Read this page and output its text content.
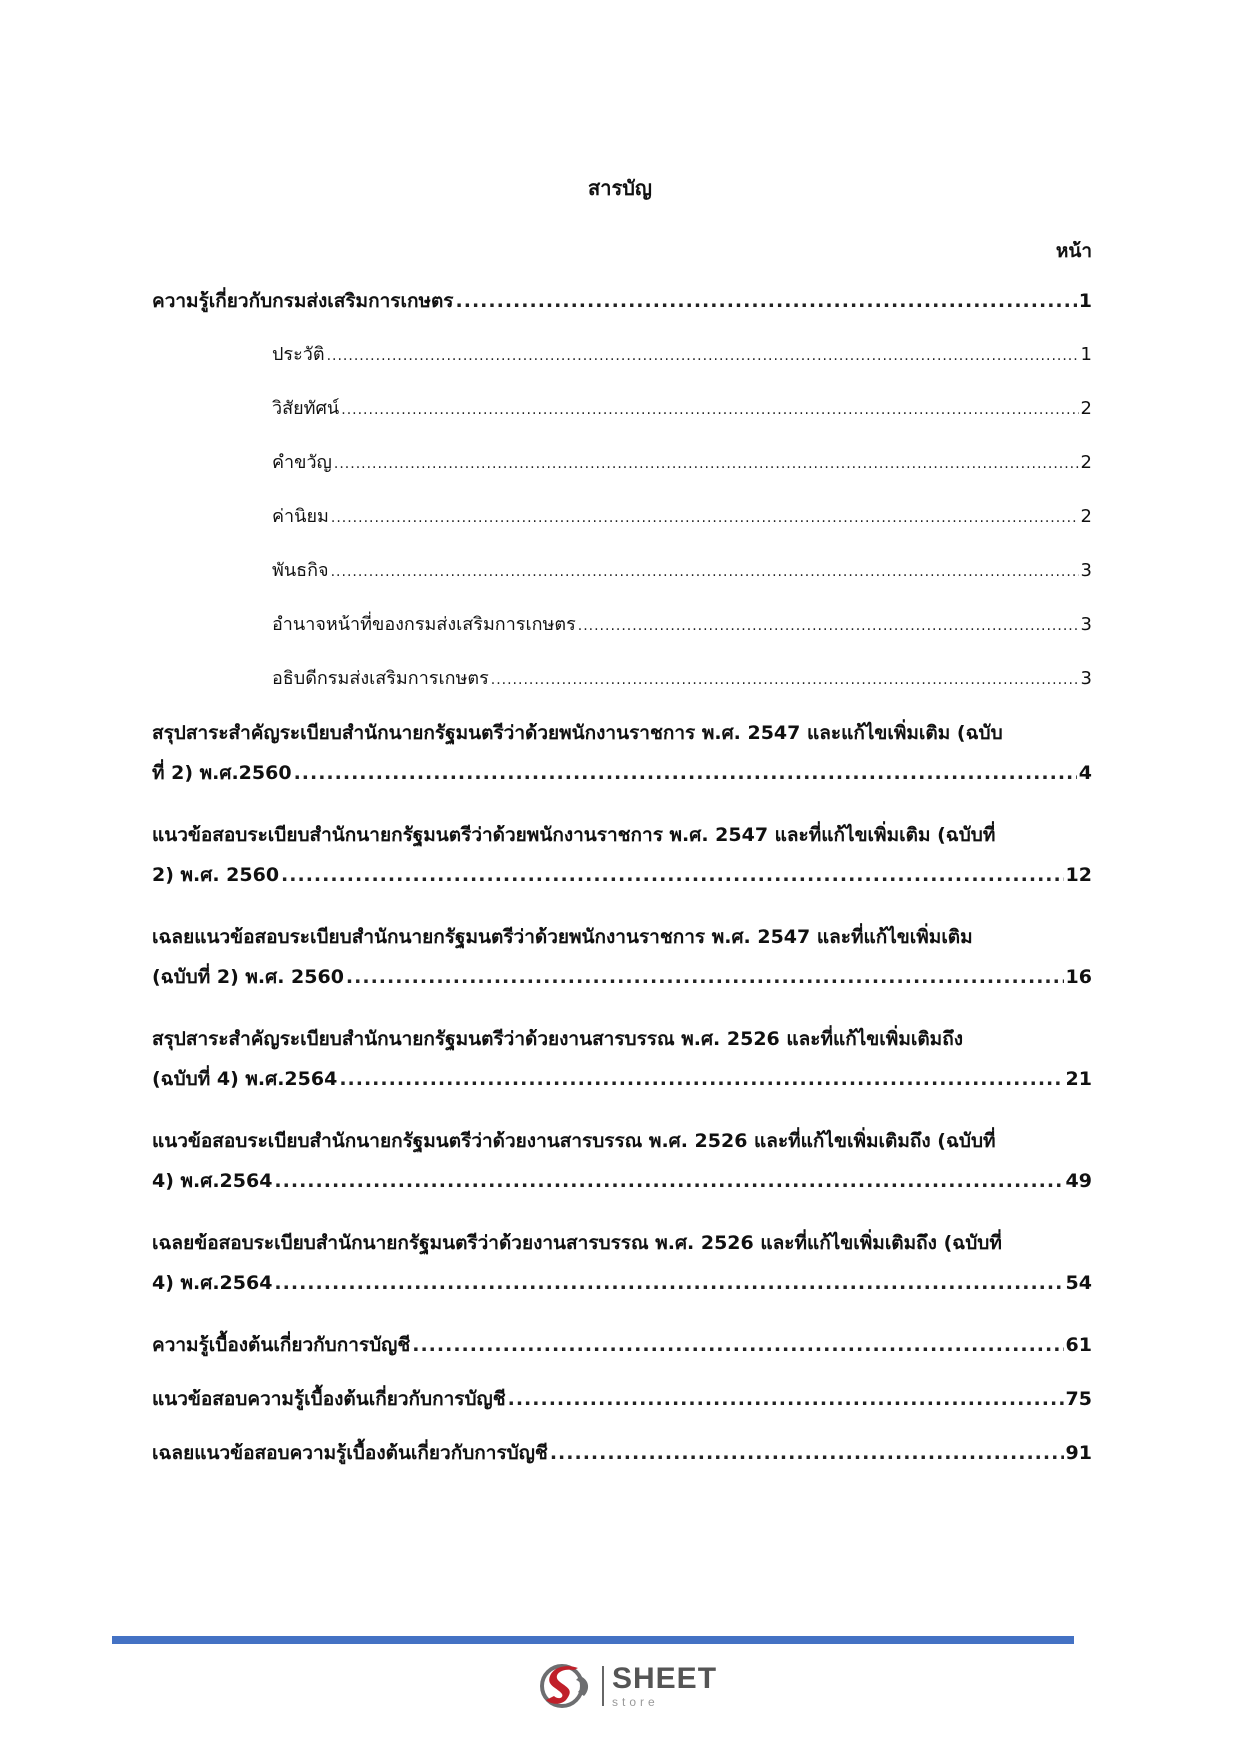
สารบัญ
หน้า
ความรู้เกี่ยวกับกรมส่งเสริมการเกษตร .....	1
ประวัติ .....	1
วิสัยทัศน์ .....	2
คำขวัญ .....	2
ค่านิยม .....	2
พันธกิจ .....	3
อำนาจหน้าที่ของกรมส่งเสริมการเกษตร .....	3
อธิบดีกรมส่งเสริมการเกษตร .....	3
สรุปสาระสำคัญระเบียบสำนักนายกรัฐมนตรีว่าด้วยพนักงานราชการ พ.ศ. 2547 และแก้ไขเพิ่มเติม (ฉบับ
ที่ 2) พ.ศ.2560 .....	4
แนวข้อสอบระเบียบสำนักนายกรัฐมนตรีว่าด้วยพนักงานราชการ พ.ศ. 2547 และที่แก้ไขเพิ่มเติม (ฉบับที่
2) พ.ศ. 2560 .....	12
เฉลยแนวข้อสอบระเบียบสำนักนายกรัฐมนตรีว่าด้วยพนักงานราชการ พ.ศ. 2547 และที่แก้ไขเพิ่มเติม
(ฉบับที่ 2) พ.ศ. 2560 .....	16
สรุปสาระสำคัญระเบียบสำนักนายกรัฐมนตรีว่าด้วยงานสารบรรณ พ.ศ. 2526 และที่แก้ไขเพิ่มเติมถึง
(ฉบับที่ 4) พ.ศ.2564 .....	21
แนวข้อสอบระเบียบสำนักนายกรัฐมนตรีว่าด้วยงานสารบรรณ พ.ศ. 2526 และที่แก้ไขเพิ่มเติมถึง (ฉบับที่
4) พ.ศ.2564 .....	49
เฉลยข้อสอบระเบียบสำนักนายกรัฐมนตรีว่าด้วยงานสารบรรณ พ.ศ. 2526 และที่แก้ไขเพิ่มเติมถึง (ฉบับที่
4) พ.ศ.2564 .....	54
ความรู้เบื้องต้นเกี่ยวกับการบัญชี .....	61
แนวข้อสอบความรู้เบื้องต้นเกี่ยวกับการบัญชี .....	75
เฉลยแนวข้อสอบความรู้เบื้องต้นเกี่ยวกับการบัญชี .....	91
SHEET
store
